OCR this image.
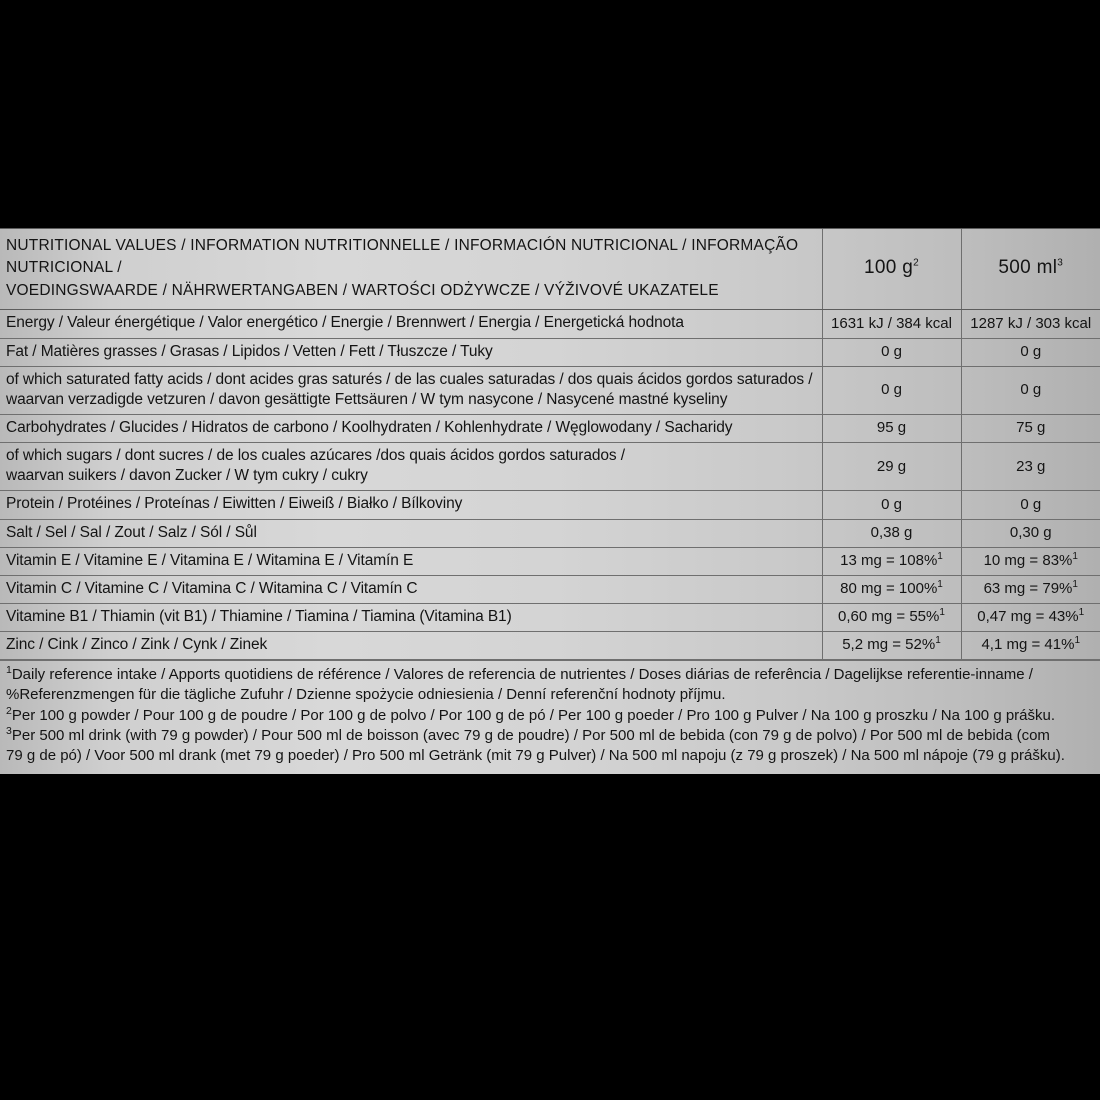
NUTRITIONAL VALUES / INFORMATION NUTRITIONNELLE / INFORMACIÓN NUTRICIONAL / INFORMAÇÃO NUTRICIONAL /
VOEDINGSWAARDE / NÄHRWERTANGABEN / WARTOŚCI ODŻYWCZE / VÝŽIVOVÉ UKAZATELE	100 $g^2$	500 $ml^3$

Energy / Valeur énergétique / Valor energético / Energie / Brennwert / Energia / Energetická hodnota	1631 kJ / 384 kcal	1287 kJ / 303 kcal

Fat / Matières grasses / Grasas / Lipidos / Vetten / Fett / Tłuszcze / Tuky	0 g	0 g

of which saturated fatty acids / dont acides gras saturés / de las cuales saturadas / dos quais ácidos gordos saturados /
waarvan verzadigde vetzuren / davon gesättigte Fettsäuren / W tym nasycone / Nasycené mastné kyseliny	0 g	0 g

Carbohydrates / Glucides / Hidratos de carbono / Koolhydraten / Kohlenhydrate / Węglowodany / Sacharidy	95 g	75 g

of which sugars / dont sucres / de los cuales azúcares /dos quais ácidos gordos saturados /
waarvan suikers / davon Zucker / W tym cukry / cukry	29 g	23 g

Protein / Protéines / Proteínas / Eiwitten / Eiweiß / Białko / Bílkoviny	0 g	0 g

Salt / Sel / Sal / Zout / Salz / Sól / Sůl	0,38 g	0,30 g

Vitamin E / Vitamine E / Vitamina E / Witamina E / Vitamín E	13 mg = 108%$^1$	10 mg = 83%$^1$

Vitamin C / Vitamine C / Vitamina C / Witamina C / Vitamín C	80 mg = 100%$^1$	63 mg = 79%$^1$

Vitamine B1 / Thiamin (vit B1) / Thiamine / Tiamina / Tiamina (Vitamina B1)	0,60 mg = 55%$^1$	0,47 mg = 43%$^1$

Zinc / Cink / Zinco / Zink / Cynk / Zinek	5,2 mg = 52%$^1$	4,1 mg = 41%$^1$

$^1$Daily reference intake / Apports quotidiens de référence / Valores de referencia de nutrientes / Doses diárias de referência / Dagelijkse referentie-inname /

%Referenzmengen für die tägliche Zufuhr / Dzienne spożycie odniesienia / Denní referenční hodnoty příjmu.

$^2$Per 100 g powder / Pour 100 g de poudre / Por 100 g de polvo / Por 100 g de pó / Per 100 g poeder / Pro 100 g Pulver / Na 100 g proszku / Na 100 g prášku.

$^3$Per 500 ml drink (with 79 g powder) / Pour 500 ml de boisson (avec 79 g de poudre) / Por 500 ml de bebida (con 79 g de polvo) / Por 500 ml de bebida (com

79 g de pó) / Voor 500 ml drank (met 79 g poeder) / Pro 500 ml Getränk (mit 79 g Pulver) / Na 500 ml napoju (z 79 g proszek) / Na 500 ml nápoje (79 g prášku).
